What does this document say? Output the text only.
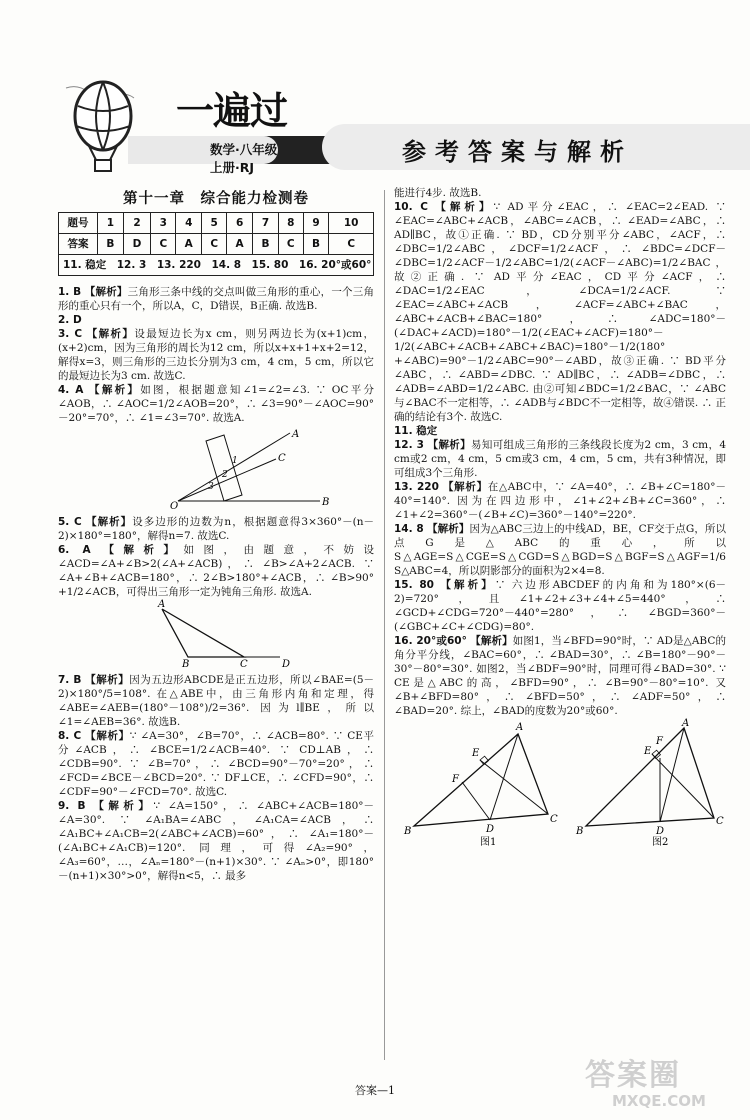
一遍过
数学·八年级上册·RJ
参考答案与解析
第十一章　综合能力检测卷
题号	1	2	3	4	5	6	7	8	9	10
答案	B	D	C	A	C	A	B	C	B	C
11. 稳定　12. 3　13. 220　14. 8　15. 80　16. 20°或60°										

1. B 【解析】三角形三条中线的交点叫做三角形的重心，一个三角形的重心只有一个，所以A，C，D错误，B正确. 故选B.

2. D

3. C 【解析】设最短边长为x cm，则另两边长为(x+1)cm，(x+2)cm，因为三角形的周长为12 cm，所以x+x+1+x+2=12，解得x=3，则三角形的三边长分别为3 cm，4 cm，5 cm，所以它的最短边长为3 cm. 故选C.

4. A 【解析】如图，根据题意知∠1=∠2=∠3. ∵ OC平分∠AOB，∴ ∠AOC=1/2∠AOB=20°，∴ ∠3=90°－∠AOC=90°－20°=70°，∴ ∠1=∠3=70°. 故选A.

O
A
C
B
1
2
3

5. C 【解析】设多边形的边数为n，根据题意得3×360°－(n－2)×180°=180°，解得n=7. 故选C.

6. A 【解析】如图，由题意，不妨设∠ACD=∠A+∠B>2(∠A+∠ACB)，∴ ∠B>∠A+2∠ACB. ∵ ∠A+∠B+∠ACB=180°，∴ 2∠B>180°+∠ACB，∴ ∠B>90°+1/2∠ACB，可得出三角形一定为钝角三角形. 故选A.

A
B	C	D

7. B 【解析】因为五边形ABCDE是正五边形，所以∠BAE=(5－2)×180°/5=108°. 在△ABE中，由三角形内角和定理，得∠ABE=∠AEB=(180°－108°)/2=36°. 因为l∥BE，所以∠1=∠AEB=36°. 故选B.

8. C 【解析】∵ ∠A=30°，∠B=70°，∴ ∠ACB=80°. ∵ CE平分∠ACB，∴ ∠BCE=1/2∠ACB=40°. ∵ CD⊥AB，∴ ∠CDB=90°. ∵ ∠B=70°，∴ ∠BCD=90°－70°=20°，∴ ∠FCD=∠BCE－∠BCD=20°. ∵ DF⊥CE，∴ ∠CFD=90°，∴ ∠CDF=90°－∠FCD=70°. 故选C.

9. B 【解析】∵ ∠A=150°，∴ ∠ABC+∠ACB=180°－∠A=30°. ∵ ∠A₁BA=∠ABC，∠A₁CA=∠ACB，∴ ∠A₁BC+∠A₁CB=2(∠ABC+∠ACB)=60°，∴ ∠A₁=180°－(∠A₁BC+∠A₁CB)=120°. 同理，可得∠A₂=90°，∠A₃=60°，…，∠Aₙ=180°－(n+1)×30°. ∵ ∠Aₙ>0°，即180°－(n+1)×30°>0°，解得n<5，∴ 最多

能进行4步. 故选B.

10. C 【解析】∵ AD平分∠EAC，∴ ∠EAC=2∠EAD. ∵ ∠EAC=∠ABC+∠ACB，∠ABC=∠ACB，∴ ∠EAD=∠ABC，∴ AD∥BC，故①正确. ∵ BD，CD分别平分∠ABC，∠ACF，∴ ∠DBC=1/2∠ABC，∠DCF=1/2∠ACF，∴ ∠BDC=∠DCF－∠DBC=1/2∠ACF－1/2∠ABC=1/2(∠ACF－∠ABC)=1/2∠BAC，故②正确. ∵ AD平分∠EAC，CD平分∠ACF，∴ ∠DAC=1/2∠EAC，∠DCA=1/2∠ACF. ∵ ∠EAC=∠ABC+∠ACB，∠ACF=∠ABC+∠BAC，∠ABC+∠ACB+∠BAC=180°，∴ ∠ADC=180°－(∠DAC+∠ACD)=180°－1/2(∠EAC+∠ACF)=180°－1/2(∠ABC+∠ACB+∠ABC+∠BAC)=180°－1/2(180°+∠ABC)=90°－1/2∠ABC=90°－∠ABD，故③正确. ∵ BD平分∠ABC，∴ ∠ABD=∠DBC. ∵ AD∥BC，∴ ∠ADB=∠DBC，∴ ∠ADB=∠ABD=1/2∠ABC. 由②可知∠BDC=1/2∠BAC，∵ ∠ABC与∠BAC不一定相等，∴ ∠ADB与∠BDC不一定相等，故④错误. ∴ 正确的结论有3个. 故选C.

11. 稳定

12. 3 【解析】易知可组成三角形的三条线段长度为2 cm，3 cm，4 cm或2 cm，4 cm，5 cm或3 cm，4 cm，5 cm，共有3种情况，即可组成3个三角形.

13. 220 【解析】在△ABC中，∵ ∠A=40°，∴ ∠B+∠C=180°－40°=140°. 因为在四边形中，∠1+∠2+∠B+∠C=360°，∴ ∠1+∠2=360°－(∠B+∠C)=360°－140°=220°.

14. 8 【解析】因为△ABC三边上的中线AD，BE，CF交于点G，所以点G是△ABC的重心，所以S△AGE=S△CGE=S△CGD=S△BGD=S△BGF=S△AGF=1/6 S△ABC=4，所以阴影部分的面积为2×4=8.

15. 80 【解析】∵ 六边形ABCDEF的内角和为180°×(6－2)=720°，且∠1+∠2+∠3+∠4+∠5=440°，∴ ∠GCD+∠CDG=720°－440°=280°，∴ ∠BGD=360°－(∠GBC+∠C+∠CDG)=80°.

16. 20°或60° 【解析】如图1，当∠BFD=90°时，∵ AD是△ABC的角分平分线，∠BAC=60°，∴ ∠BAD=30°，∴ ∠B=180°－90°－30°－80°=30°. 如图2，当∠BDF=90°时，同理可得∠BAD=30°. ∵ CE是△ABC的高，∠BFD=90°，∴ ∠B=90°－80°=10°. 又∠B+∠BFD=80°，∴ ∠BFD=50°，∴ ∠ADF=50°，∴ ∠BAD=20°. 综上，∠BAD的度数为20°或60°.

B
A
C
D
E
F
图1
B
A
C
D
E
F
图2
答案—1	答案圈
MXQE.COM
